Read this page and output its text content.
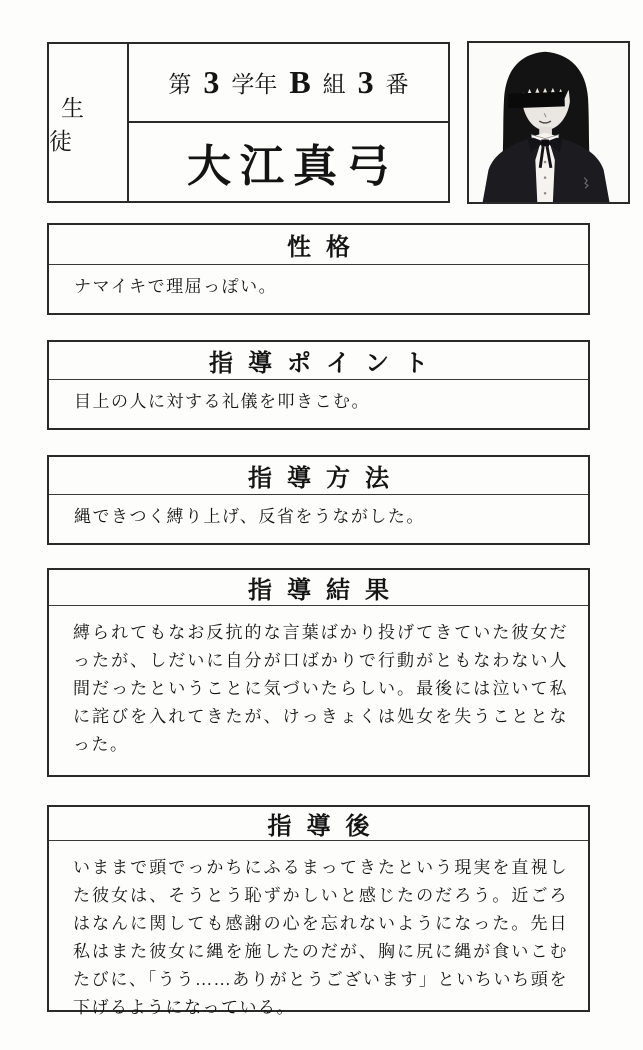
生徒
第 3 学年 B 組 3 番
大江真弓
性格
ナマイキで理屈っぽい。
指導ポイント
目上の人に対する礼儀を叩きこむ。
指導方法
縄できつく縛り上げ、反省をうながした。
指導結果
縛られてもなお反抗的な言葉ばかり投げてきていた彼女だったが、しだいに自分が口ばかりで行動がともなわない人間だったということに気づいたらしい。最後には泣いて私に詫びを入れてきたが、けっきょくは処女を失うこととなった。
指導後
いままで頭でっかちにふるまってきたという現実を直視した彼女は、そうとう恥ずかしいと感じたのだろう。近ごろはなんに関しても感謝の心を忘れないようになった。先日私はまた彼女に縄を施したのだが、胸に尻に縄が食いこむたびに、「うう……ありがとうございます」といちいち頭を下げるようになっている。
